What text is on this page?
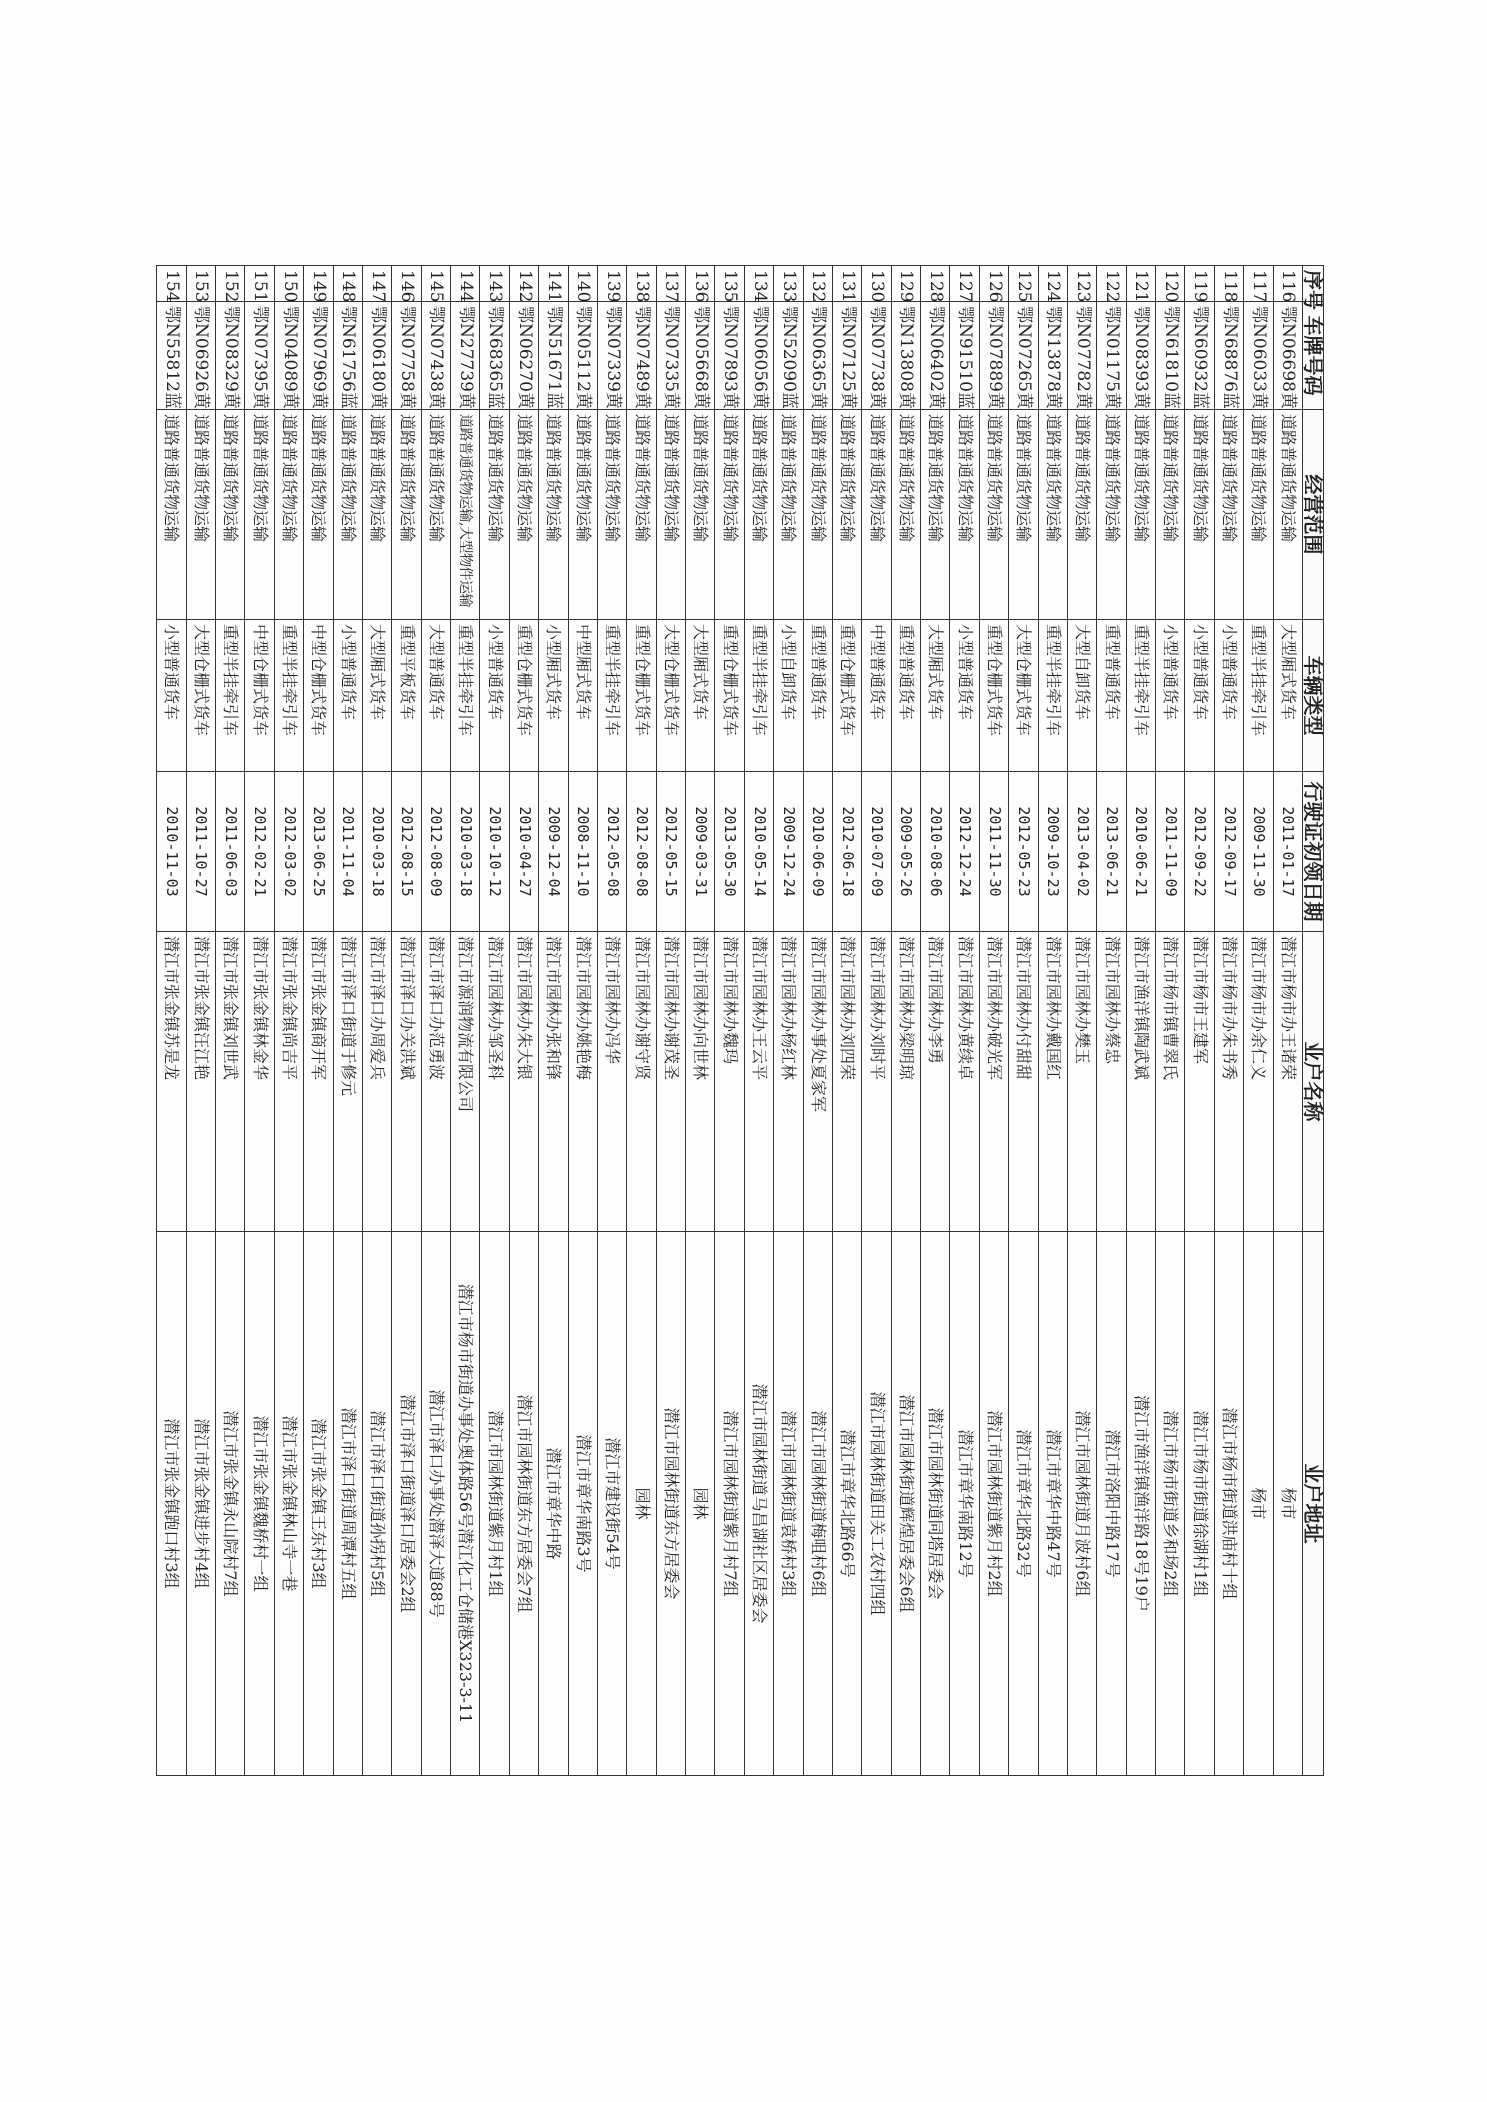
序号	车牌号码	经营范围	车辆类型	行驶证初领日期	业户名称	业户地址
116	鄂N06698黄	道路普通货物运输	大型厢式货车	2011-01-17	潜江市杨市办王诸荣	杨市
117	鄂N06033黄	道路普通货物运输	重型半挂牵引车	2009-11-30	潜江市杨市办余仁义	杨市
118	鄂N68876蓝	道路普通货物运输	小型普通货车	2012-09-17	潜江市杨市办朱书秀	潜江市杨市街道洪庙村十组
119	鄂N60932蓝	道路普通货物运输	小型普通货车	2012-09-22	潜江市杨市王建军	潜江市杨市街道徐湖村1组
120	鄂N61810蓝	道路普通货物运输	小型普通货车	2011-11-09	潜江市杨市镇曹翠氏	潜江市杨市街道乡和场2组
121	鄂N08393黄	道路普通货物运输	重型半挂牵引车	2010-06-21	潜江市渔洋镇陶武斌	潜江市渔洋镇渔洋路18号19户
122	鄂N01175黄	道路普通货物运输	重型普通货车	2013-06-21	潜江市园林办蔡忠	潜江市洛阳中路17号
123	鄂N07782黄	道路普通货物运输	大型自卸货车	2013-04-02	潜江市园林办樊玉	潜江市园林街道月波村6组
124	鄂N13878黄	道路普通货物运输	重型半挂牵引车	2009-10-23	潜江市园林办戴国红	潜江市章华中路47号
125	鄂N07265黄	道路普通货物运输	大型仓栅式货车	2012-05-23	潜江市园林办付甜甜	潜江市章华北路32号
126	鄂N07889黄	道路普通货物运输	重型仓栅式货车	2011-11-30	潜江市园林办破光军	潜江市园林街道紫月村2组
127	鄂N91510蓝	道路普通货物运输	小型普通货车	2012-12-24	潜江市园林办黄续卓	潜江市章华南路12号
128	鄂N06402黄	道路普通货物运输	大型厢式货车	2010-08-06	潜江市园林办李勇	潜江市园林街道同塔居委会
129	鄂N13808黄	道路普通货物运输	重型普通货车	2009-05-26	潜江市园林办梁明琼	潜江市园林街道辉煌居委会6组
130	鄂N07738黄	道路普通货物运输	中型普通货车	2010-07-09	潜江市园林办刘时平	潜江市园林街道田关工农村四组
131	鄂N07125黄	道路普通货物运输	重型仓栅式货车	2012-06-18	潜江市园林办刘四荣	潜江市章华北路66号
132	鄂N06365黄	道路普通货物运输	重型普通货车	2010-06-09	潜江市园林办事处夏家军	潜江市园林街道梅咀村6组
133	鄂N52090蓝	道路普通货物运输	小型自卸货车	2009-12-24	潜江市园林办杨红林	潜江市园林街道袁桥村3组
134	鄂N06056黄	道路普通货物运输	重型半挂牵引车	2010-05-14	潜江市园林办王云平	潜江市园林街道马昌湖社区居委会
135	鄂N07893黄	道路普通货物运输	重型仓栅式货车	2013-05-30	潜江市园林办魏玛	潜江市园林街道紫月村7组
136	鄂N05668黄	道路普通货物运输	大型厢式货车	2009-03-31	潜江市园林办向世林	园林
137	鄂N07335黄	道路普通货物运输	大型仓栅式货车	2012-05-15	潜江市园林办谢茂圣	潜江市园林街道东方居委会
138	鄂N07489黄	道路普通货物运输	重型仓栅式货车	2012-08-08	潜江市园林办谢守贤	园林
139	鄂N07339黄	道路普通货物运输	重型半挂牵引车	2012-05-08	潜江市园林办冯华	潜江市建设街54号
140	鄂N05112黄	道路普通货物运输	中型厢式货车	2008-11-10	潜江市园林办姚艳梅	潜江市章华南路3号
141	鄂N51671蓝	道路普通货物运输	小型厢式货车	2009-12-04	潜江市园林办张和锋	潜江市章华中路
142	鄂N06270黄	道路普通货物运输	重型仓栅式货车	2010-04-27	潜江市园林办朱大银	潜江市园林街道东方居委会7组
143	鄂N68365蓝	道路普通货物运输	小型普通货车	2010-10-12	潜江市园林办邹圣科	潜江市园林街道紫月村1组
144	鄂N27739黄	道路普通货物运输,大型物件运输	重型半挂牵引车	2010-03-18	潜江市源润物流有限公司	潜江市杨市街道办事处奥体路56号潜江化工仓储港X323-3-11
145	鄂N07438黄	道路普通货物运输	大型普通货车	2012-08-09	潜江市泽口办范勇波	潜江市泽口办事处潜泽大道88号
146	鄂N07758黄	道路普通货物运输	重型平板货车	2012-08-15	潜江市泽口办关洪斌	潜江市泽口街道泽口居委会2组
147	鄂N06180黄	道路普通货物运输	大型厢式货车	2010-03-18	潜江市泽口办周爱兵	潜江市泽口街道孙拐村5组
148	鄂N61756蓝	道路普通货物运输	小型普通货车	2011-11-04	潜江市泽口街道于修元	潜江市泽口街道周潭村五组
149	鄂N07969黄	道路普通货物运输	中型仓栅式货车	2013-06-25	潜江市张金镇商开军	潜江市张金镇王东村3组
150	鄂N04089黄	道路普通货物运输	重型半挂牵引车	2012-03-02	潜江市张金镇尚吉平	潜江市张金镇林山寺一巷
151	鄂N07395黄	道路普通货物运输	中型仓栅式货车	2012-02-21	潜江市张金镇林金华	潜江市张金镇魏桥村一组
152	鄂N08329黄	道路普通货物运输	重型半挂牵引车	2011-06-03	潜江市张金镇刘世武	潜江市张金镇永山院村7组
153	鄂N06926黄	道路普通货物运输	大型仓栅式货车	2011-10-27	潜江市张金镇汪江艳	潜江市张金镇进步村4组
154	鄂N55812蓝	道路普通货物运输	小型普通货车	2010-11-03	潜江市张金镇苏是龙	潜江市张金镇跑口村3组
